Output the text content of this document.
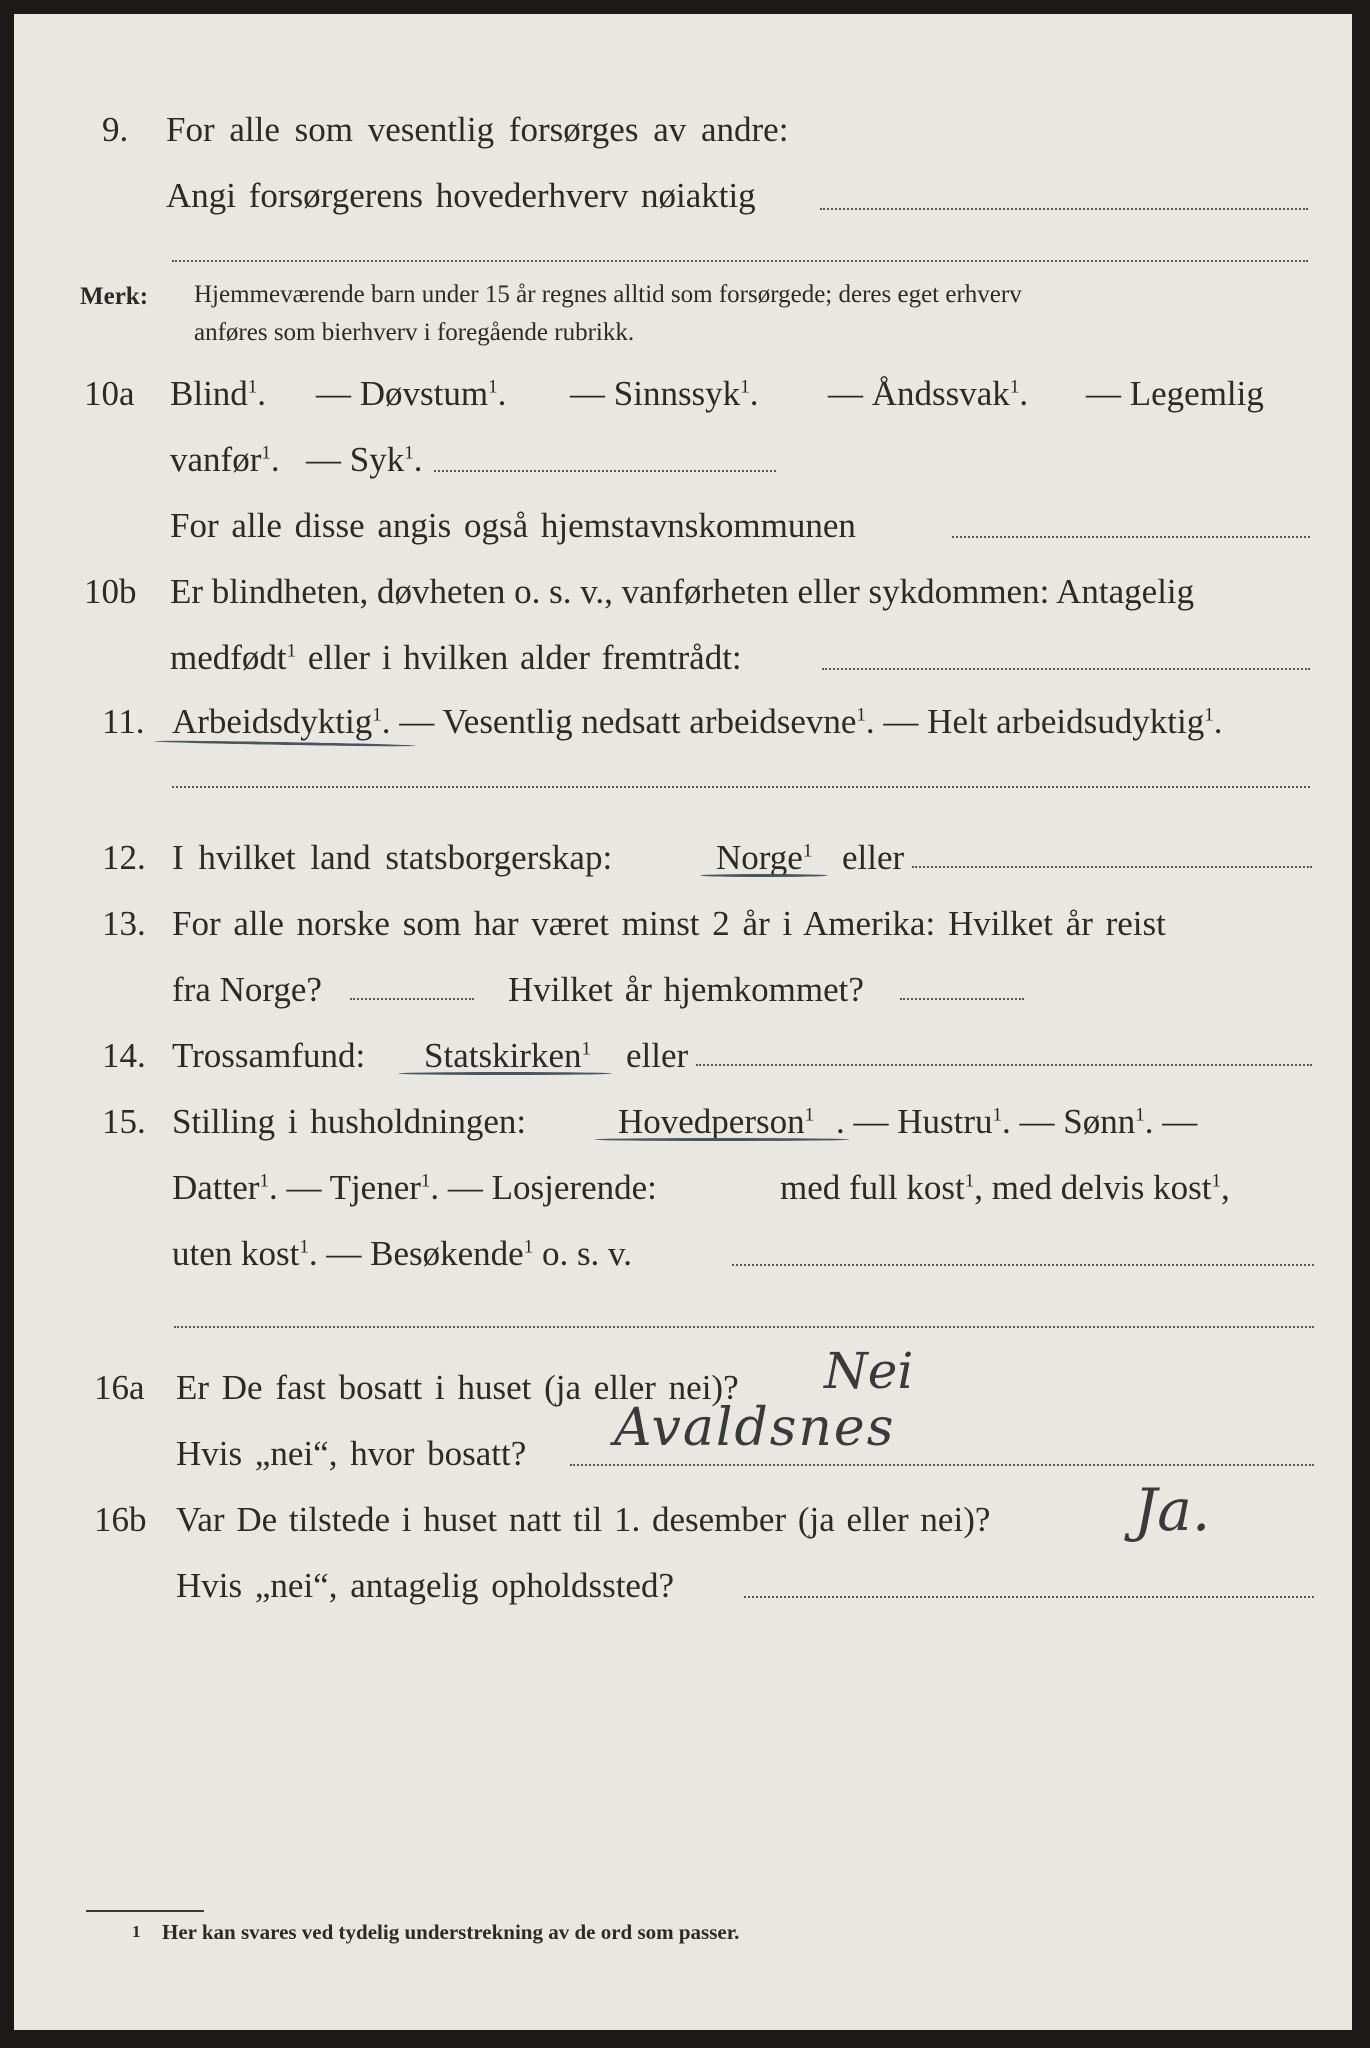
9. For alle som vesentlig forsørges av andre:
Angi forsørgerens hovederhverv nøiaktig
Merk: Hjemmeværende barn under 15 år regnes alltid som forsørgede; deres eget erhverv
anføres som bierhverv i foregående rubrikk.
10a Blind$^1$. — Døvstum$^1$. — Sinnssyk$^1$. — Åndssvak$^1$. — Legemlig
vanfør$^1$. — Syk$^1$.
For alle disse angis også hjemstavnskommunen
10b Er blindheten, døvheten o. s. v., vanførheten eller sykdommen: Antagelig
medfødt$^1$ eller i hvilken alder fremtrådt:
11. Arbeidsdyktig$^1$. — Vesentlig nedsatt arbeidsevne$^1$. — Helt arbeidsudyktig$^1$.
12. I hvilket land statsborgerskap:	Norge$^1$ eller
13. For alle norske som har været minst 2 år i Amerika: Hvilket år reist
fra Norge?	Hvilket år hjemkommet?
14. Trossamfund: Statskirken$^1$ eller
15. Stilling i husholdningen:	Hovedperson$^1$ . — Hustru$^1$. — Sønn$^1$. —
Datter$^1$. — Tjener$^1$. — Losjerende:	med full kost$^1$, med delvis kost$^1$,
uten kost$^1$. — Besøkende$^1$ o. s. v.
16a Er De fast bosatt i huset (ja eller nei)? Nei
Hvis „nei“, hvor bosatt? Avaldsnes
16b Var De tilstede i huset natt til 1. desember (ja eller nei)? Ja.
Hvis „nei“, antagelig opholdssted?
1 Her kan svares ved tydelig understrekning av de ord som passer.
